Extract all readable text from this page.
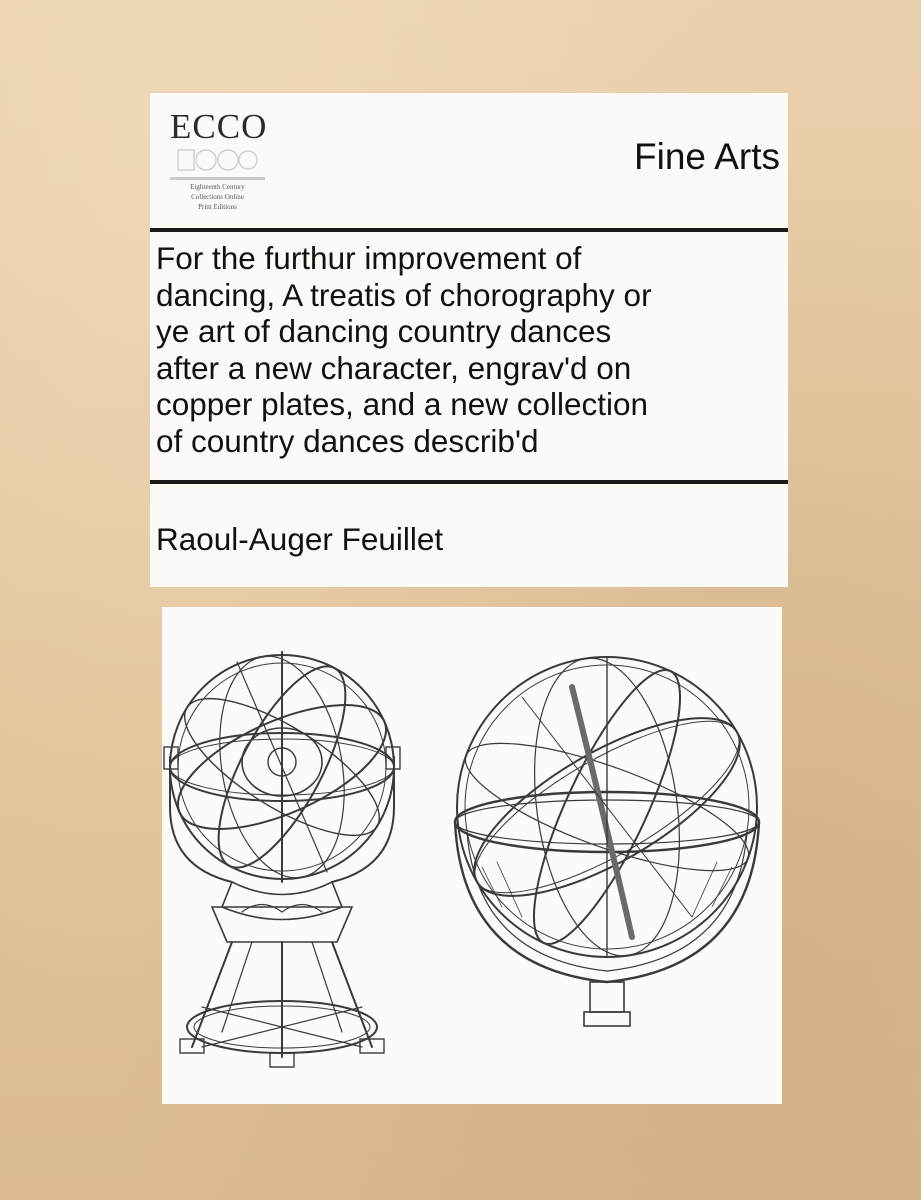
ECCO
Eighteenth Century
Collections Online
Print Editions
Fine Arts
For the furthur improvement of
dancing, A treatis of chorography or
ye art of dancing country dances
after a new character, engrav'd on
copper plates, and a new collection
of country dances describ'd
Raoul-Auger Feuillet
